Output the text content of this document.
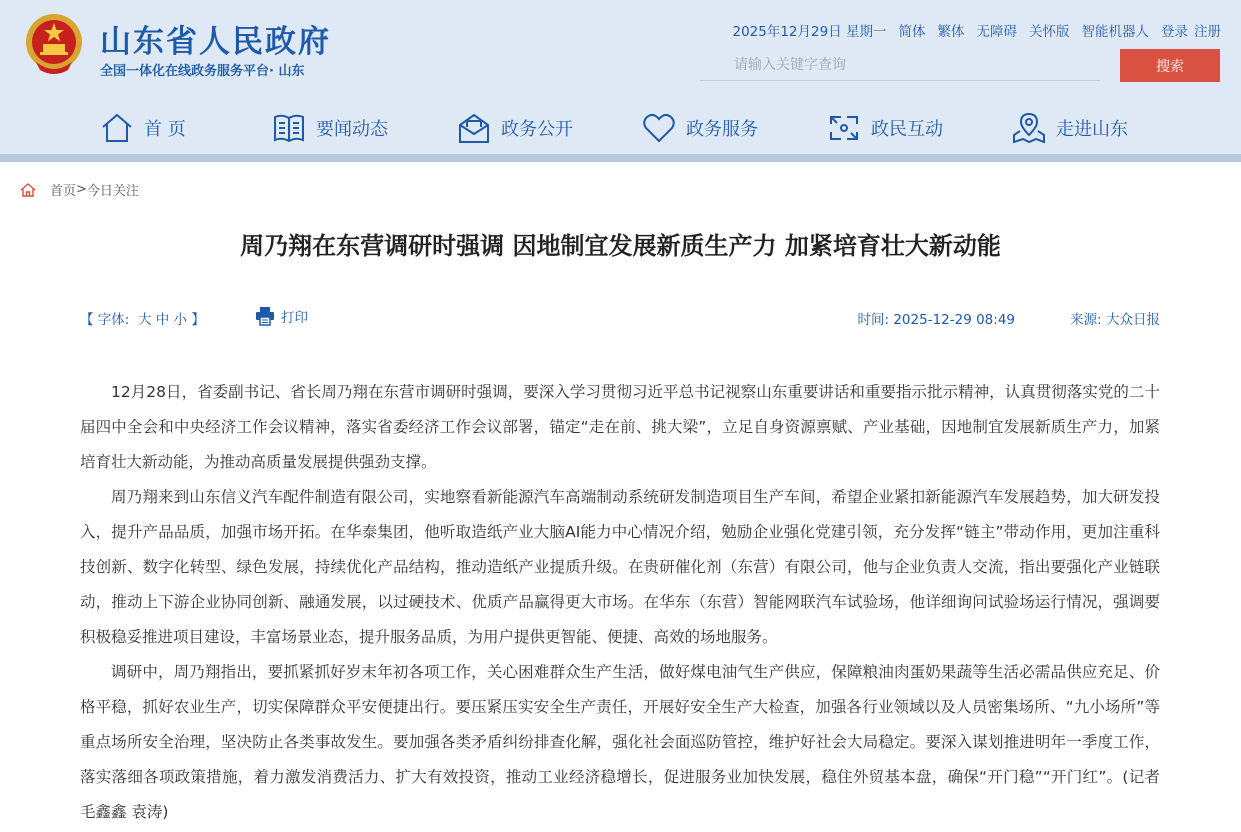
山东省人民政府
全国一体化在线政务服务平台· 山东
2025年12月29日 星期一 简体 繁体 无障碍 关怀版 智能机器人 登录 注册
请输入关键字查询
搜索
首 页	要闻动态	政务公开	政务服务	政民互动	走进山东
首页 > 今日关注
周乃翔在东营调研时强调 因地制宜发展新质生产力 加紧培育壮大新动能
【 字体: 大 中 小 】	打印	时间: 2025-12-29 08:49	来源: 大众日报

12月28日，省委副书记、省长周乃翔在东营市调研时强调，要深入学习贯彻习近平总书记视察山东重要讲话和重要指示批示精神，认真贯彻落实党的二十届四中全会和中央经济工作会议精神，落实省委经济工作会议部署，锚定“走在前、挑大梁”，立足自身资源禀赋、产业基础，因地制宜发展新质生产力，加紧培育壮大新动能，为推动高质量发展提供强劲支撑。

周乃翔来到山东信义汽车配件制造有限公司，实地察看新能源汽车高端制动系统研发制造项目生产车间，希望企业紧扣新能源汽车发展趋势，加大研发投入，提升产品品质，加强市场开拓。在华泰集团，他听取造纸产业大脑AI能力中心情况介绍，勉励企业强化党建引领，充分发挥“链主”带动作用，更加注重科技创新、数字化转型、绿色发展，持续优化产品结构，推动造纸产业提质升级。在贵研催化剂（东营）有限公司，他与企业负责人交流，指出要强化产业链联动，推动上下游企业协同创新、融通发展，以过硬技术、优质产品赢得更大市场。在华东（东营）智能网联汽车试验场，他详细询问试验场运行情况，强调要积极稳妥推进项目建设，丰富场景业态，提升服务品质，为用户提供更智能、便捷、高效的场地服务。

调研中，周乃翔指出，要抓紧抓好岁末年初各项工作，关心困难群众生产生活，做好煤电油气生产供应，保障粮油肉蛋奶果蔬等生活必需品供应充足、价格平稳，抓好农业生产，切实保障群众平安便捷出行。要压紧压实安全生产责任，开展好安全生产大检查，加强各行业领域以及人员密集场所、“九小场所”等重点场所安全治理，坚决防止各类事故发生。要加强各类矛盾纠纷排查化解，强化社会面巡防管控，维护好社会大局稳定。要深入谋划推进明年一季度工作，落实落细各项政策措施，着力激发消费活力、扩大有效投资，推动工业经济稳增长，促进服务业加快发展，稳住外贸基本盘，确保“开门稳”“开门红”。(记者 毛鑫鑫 袁涛)
